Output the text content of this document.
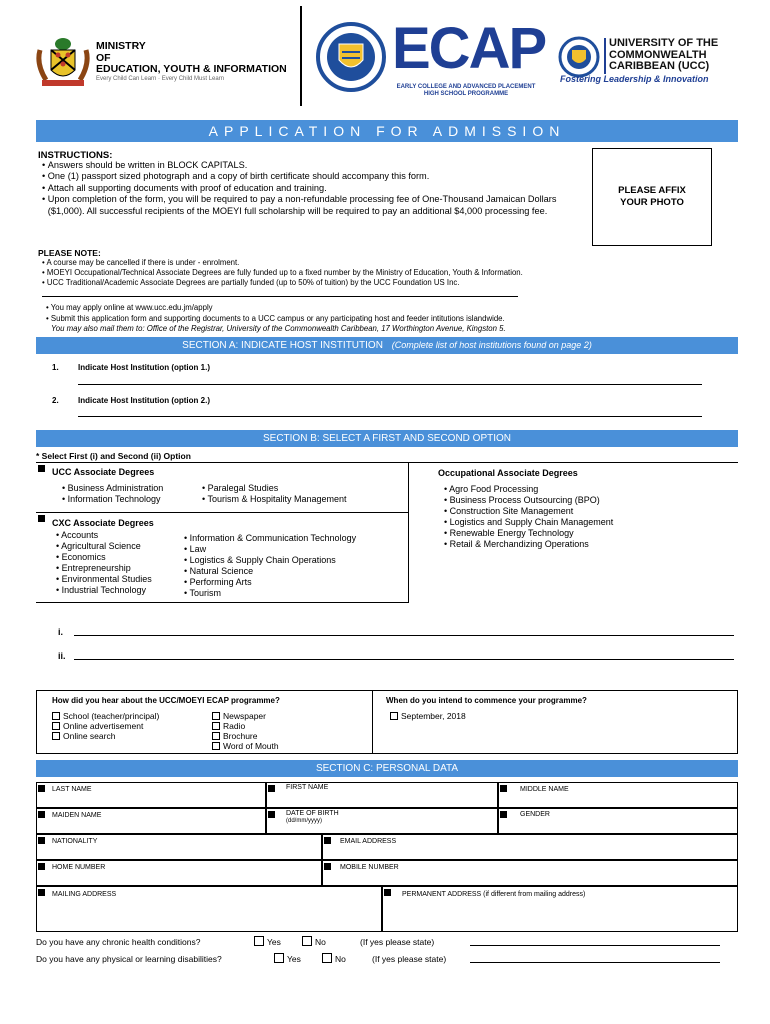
MINISTRY
OF
EDUCATION, YOUTH & INFORMATION
Every Child Can Learn · Every Child Must Learn	ECAP
EARLY COLLEGE AND ADVANCED PLACEMENT
HIGH SCHOOL PROGRAMME
UNIVERSITY OF THE
COMMONWEALTH
CARIBBEAN (UCC)
Fostering Leadership & Innovation
APPLICATION FOR ADMISSION
INSTRUCTIONS:
• Answers should be written in BLOCK CAPITALS.
• One (1) passport sized photograph and a copy of birth certificate should accompany this form.
• Attach all supporting documents with proof of education and training.
• Upon completion of the form, you will be required to pay a non-refundable processing fee of One-Thousand Jamaican Dollars ($1,000). All successful recipients of the MOEYI full scholarship will be required to pay an additional $4,000 processing fee.
PLEASE AFFIX YOUR PHOTO
PLEASE NOTE:
• A course may be cancelled if there is under - enrolment.
• MOEYI Occupational/Technical Associate Degrees are fully funded up to a fixed number by the Ministry of Education, Youth & Information.
• UCC Traditional/Academic Associate Degrees are partially funded (up to 50% of tuition) by the UCC Foundation US Inc.
• You may apply online at www.ucc.edu.jm/apply
• Submit this application form and supporting documents to a UCC campus or any participating host and feeder intitutions islandwide.
You may also mail them to: Office of the Registrar, University of the Commonwealth Caribbean, 17 Worthington Avenue, Kingston 5.
SECTION A: INDICATE HOST INSTITUTION (Complete list of host institutions found on page 2)
1. Indicate Host Institution (option 1.)
2. Indicate Host Institution (option 2.)
SECTION B: SELECT A FIRST AND SECOND OPTION
* Select First (i) and Second (ii) Option
UCC Associate Degrees
• Business Administration
• Information Technology
• Paralegal Studies
• Tourism & Hospitality Management
CXC Associate Degrees
• Accounts
• Agricultural Science
• Economics
• Entrepreneurship
• Environmental Studies
• Industrial Technology
• Information & Communication Technology
• Law
• Logistics & Supply Chain Operations
• Natural Science
• Performing Arts
• Tourism
Occupational Associate Degrees
• Agro Food Processing
• Business Process Outsourcing (BPO)
• Construction Site Management
• Logistics and Supply Chain Management
• Renewable Energy Technology
• Retail & Merchandizing Operations
i.
ii.
How did you hear about the UCC/MOEYI ECAP programme?
School (teacher/principal)
Online advertisement
Online search
Newspaper
Radio
Brochure
Word of Mouth
When do you intend to commence your programme?
September, 2018
SECTION C: PERSONAL DATA
LAST NAME	FIRST NAME	MIDDLE NAME
MAIDEN NAME	DATE OF BIRTH
(dd/mm/yyyy)
GENDER
NATIONALITY	EMAIL ADDRESS
HOME NUMBER	MOBILE NUMBER
MAILING ADDRESS	PERMANENT ADDRESS (if different from mailing address)
Do you have any chronic health conditions?	Yes	No	(If yes please state)
Do you have any physical or learning disabilities?	Yes	No	(If yes please state)
